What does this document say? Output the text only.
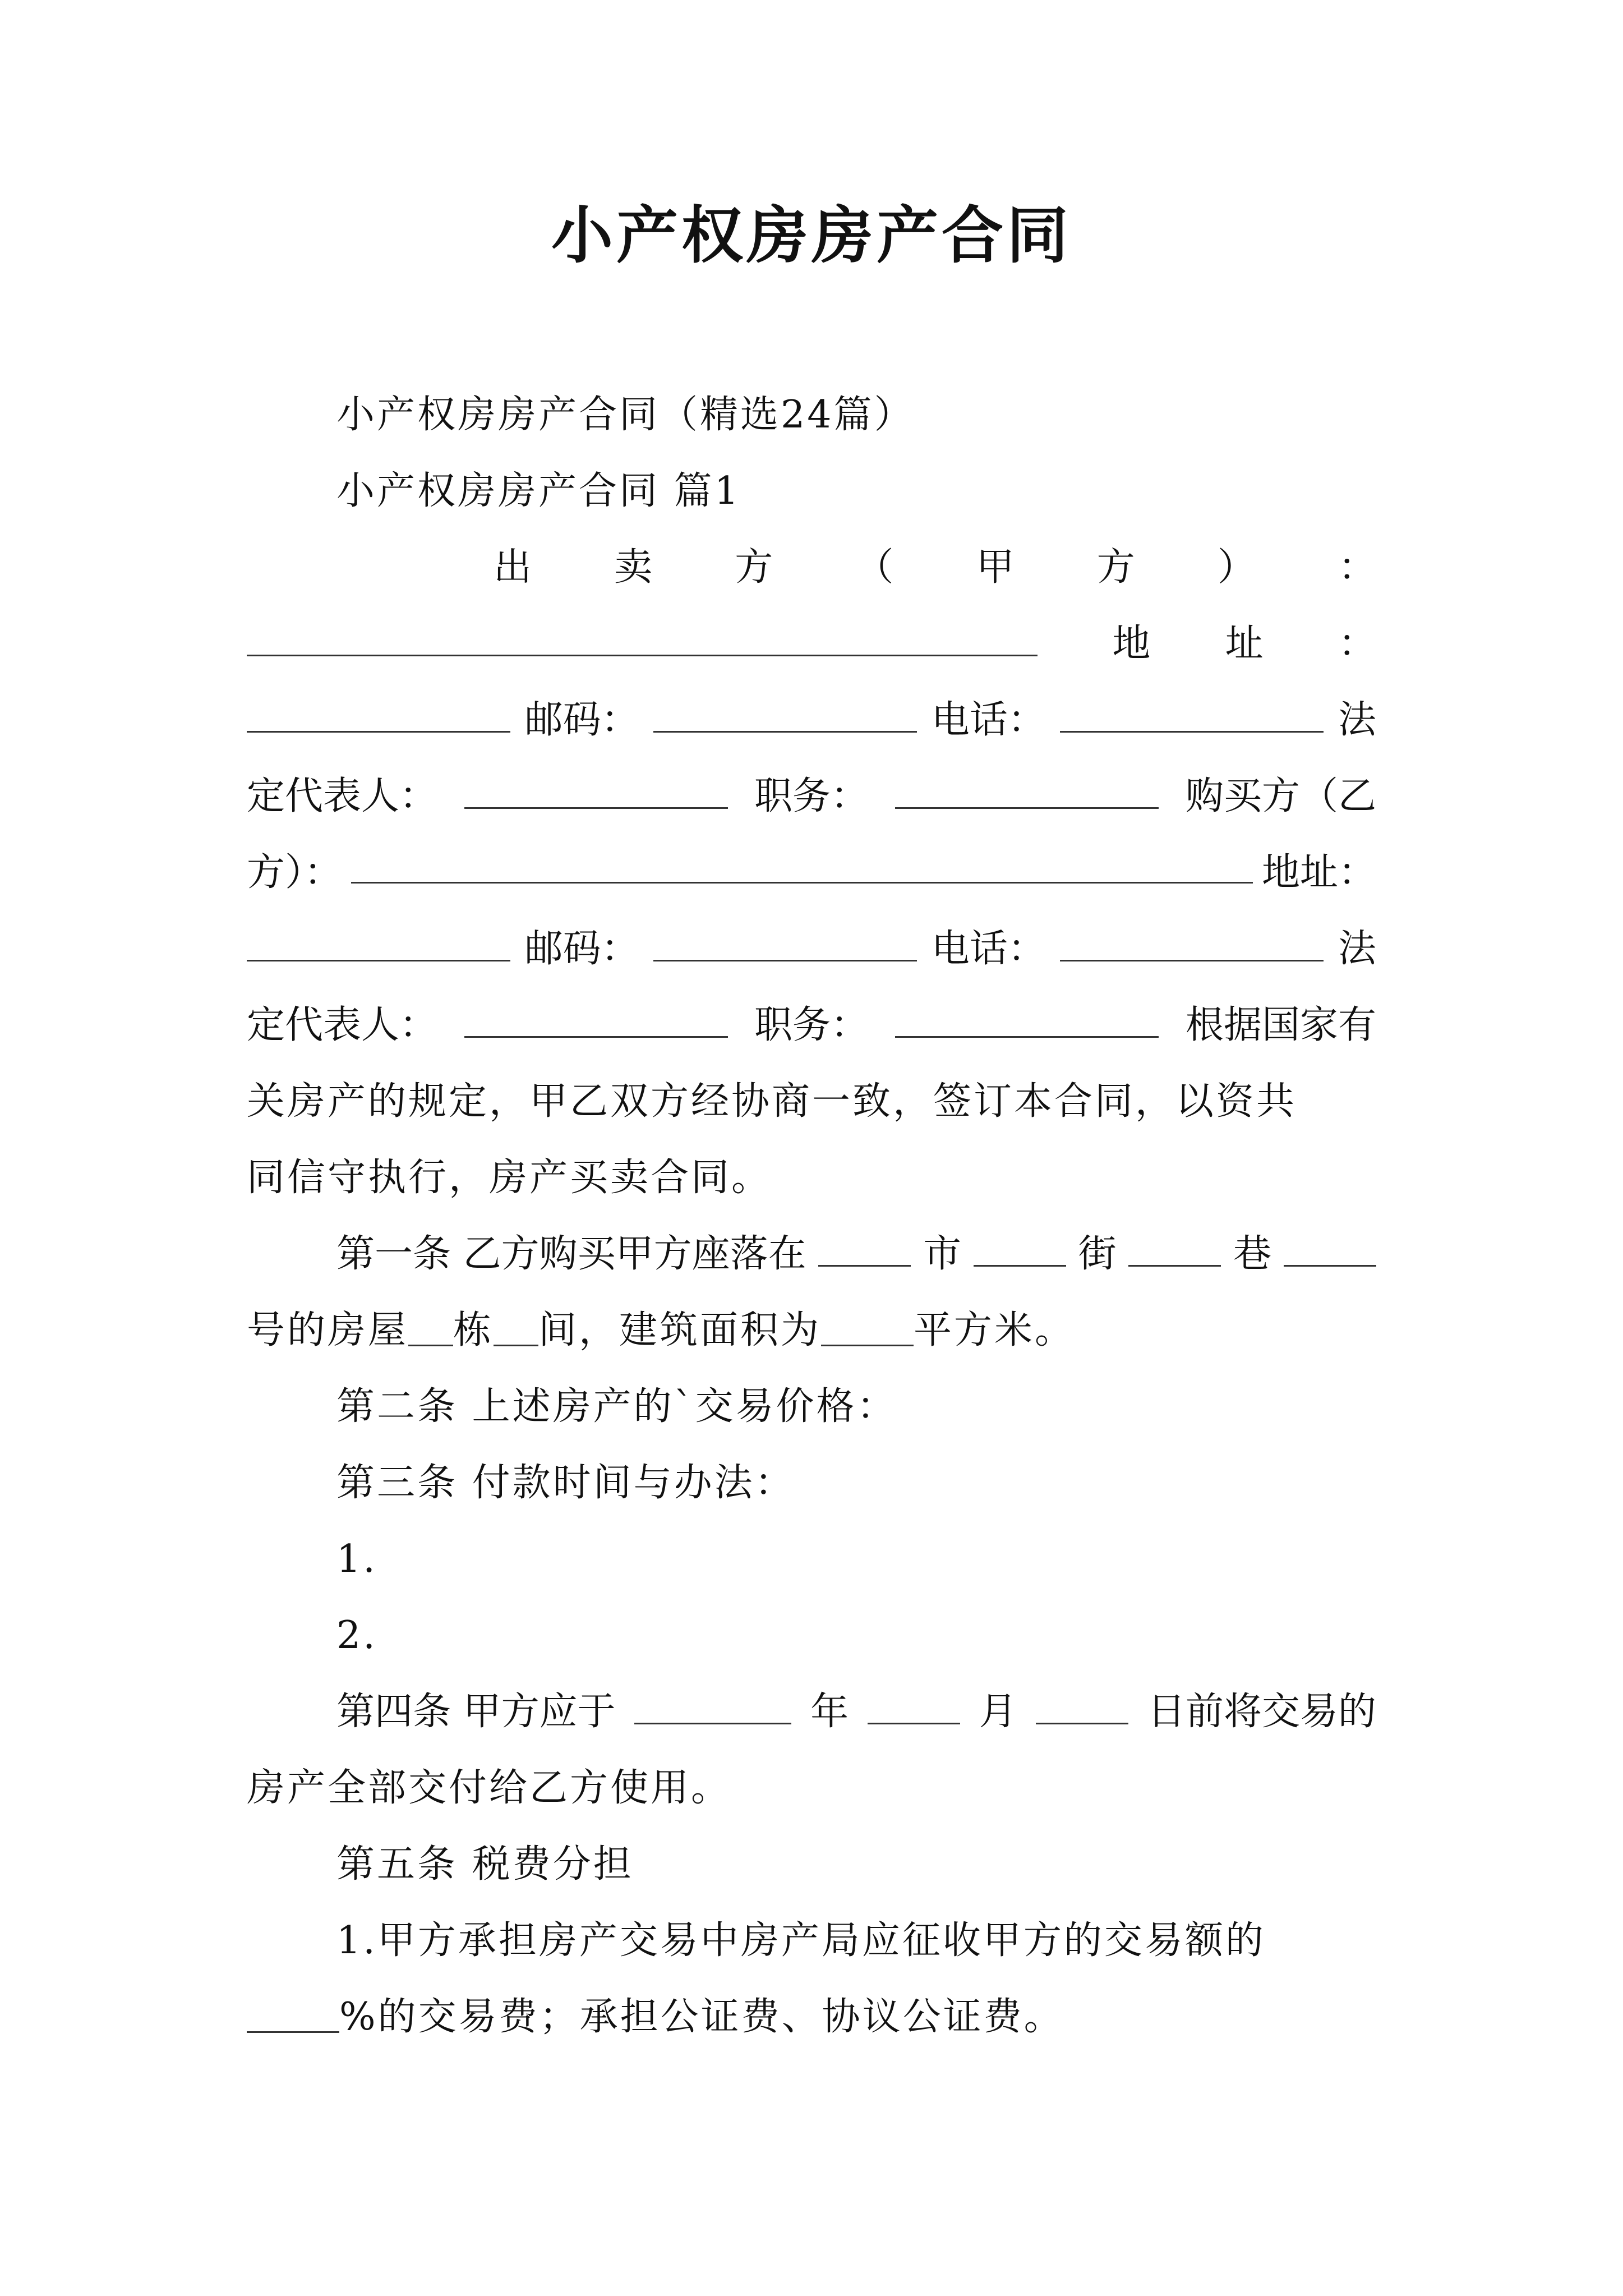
小产权房房产合同
小产权房房产合同（精选24篇）
小产权房房产合同 篇1
出 卖 方 （ 甲 方 ） ：
地 址 ：
邮码：	电话：	法
定代表人：	职务：	购买方（乙
方）：	地 址 ：
邮码：	电话：	法
定代表人：	职务：	根据国家有
关房产的规定，甲乙双方经协商一致，签订本合同，以资共
同信守执行，房产买卖合同。
第一条 乙方购买甲方座落在	市	街	巷
号的房屋 栋 间，建筑面积为 平方米。
第二条 上述房产的`交易价格：
第三条 付款时间与办法：
1.
2.
第四条 甲方应于	年	月	日前将交易的
房产全部交付给乙方使用。
第五条 税费分担
1.甲方承担房产交易中房产局应征收甲方的交易额的
%的交易费；承担公证费、协议公证费。
